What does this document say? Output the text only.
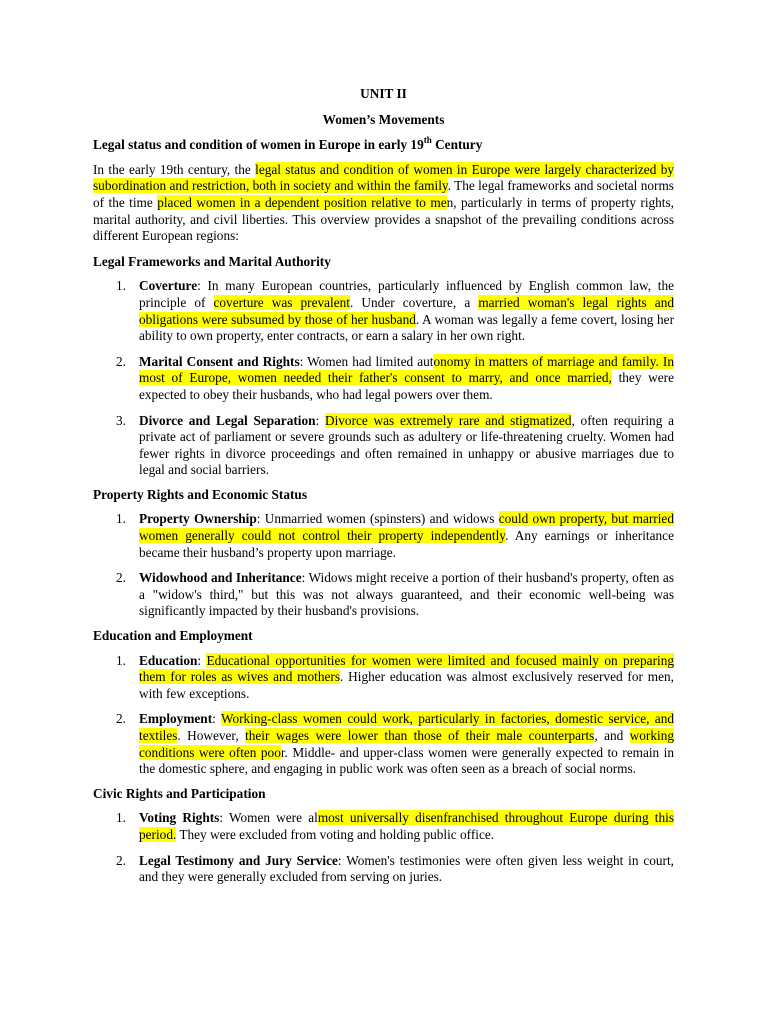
UNIT II
Women’s Movements
Legal status and condition of women in Europe in early 19th Century

In the early 19th century, the legal status and condition of women in Europe were largely characterized by subordination and restriction, both in society and within the family. The legal frameworks and societal norms of the time placed women in a dependent position relative to men, particularly in terms of property rights, marital authority, and civil liberties. This overview provides a snapshot of the prevailing conditions across different European regions:

Legal Frameworks and Marital Authority
1. Coverture: In many European countries, particularly influenced by English common law, the principle of coverture was prevalent. Under coverture, a married woman's legal rights and obligations were subsumed by those of her husband. A woman was legally a feme covert, losing her ability to own property, enter contracts, or earn a salary in her own right.
2. Marital Consent and Rights: Women had limited autonomy in matters of marriage and family. In most of Europe, women needed their father's consent to marry, and once married, they were expected to obey their husbands, who had legal powers over them.
3. Divorce and Legal Separation: Divorce was extremely rare and stigmatized, often requiring a private act of parliament or severe grounds such as adultery or life-threatening cruelty. Women had fewer rights in divorce proceedings and often remained in unhappy or abusive marriages due to legal and social barriers.
Property Rights and Economic Status
1. Property Ownership: Unmarried women (spinsters) and widows could own property, but married women generally could not control their property independently. Any earnings or inheritance became their husband’s property upon marriage.
2. Widowhood and Inheritance: Widows might receive a portion of their husband's property, often as a "widow's third," but this was not always guaranteed, and their economic well-being was significantly impacted by their husband's provisions.
Education and Employment
1. Education: Educational opportunities for women were limited and focused mainly on preparing them for roles as wives and mothers. Higher education was almost exclusively reserved for men, with few exceptions.
2. Employment: Working-class women could work, particularly in factories, domestic service, and textiles. However, their wages were lower than those of their male counterparts, and working conditions were often poor. Middle- and upper-class women were generally expected to remain in the domestic sphere, and engaging in public work was often seen as a breach of social norms.
Civic Rights and Participation
1. Voting Rights: Women were almost universally disenfranchised throughout Europe during this period. They were excluded from voting and holding public office.
2. Legal Testimony and Jury Service: Women's testimonies were often given less weight in court, and they were generally excluded from serving on juries.
